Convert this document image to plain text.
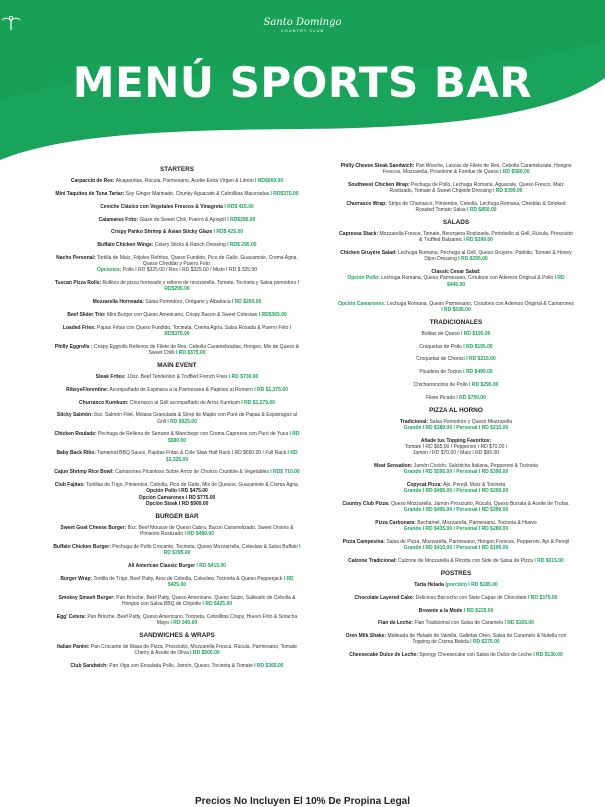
Santo Domingo
COUNTRY CLUB
MENÚ SPORTS BAR
STARTERS
Carpaccio de Res: Alcaparritas, Rúcula, Parmesano, Aceite Extra Virgen & Limón I RD$660.00
Mini Taquitos de Tuna Tartar: Soy Ginger Marinade, Chunky Aguacate & Cebollitas Maceradas I RD$375.00
Ceviche Clásico con Vegetales Frescos & Vinagreta I RD$ 415.00
Calamares Frito: Glaze de Sweet Chili, Puerro & Ajonjolí I RD$295.00
Crispy Panko Shrimp & Asian Sticky Glaze I RD$ 425.00
Buffalo Chicken Wings: Celery Sticks & Ranch Dressing I RD$ 295.00
Nacho Personal: Tortilla de Maíz, Frijoles Refritos, Queso Fundido, Pico de Gallo, Guacamole, Crema Agria, Queso Cheddar y Puerro Frito.
Opciones: Pollo I RD $325.00 / Res I RD $325.00 / Mixto I RD $ 325.00
Tuscan Pizza Rolls: Rollitos de pizza horneado y relleno de mozzarella, Tomate, Tocineta y Salsa pomodoro I RD$295.00
Mozzarella Horneada: Salsa Pomodoro, Orégano y Albahaca I RD $260.00
Beef Slider Trio: Mini Burger con Queso Americano, Crispy Bacon & Sweet Coleslaw I RD$365.00
Loaded Fries: Papas Fritas con Queso Fundido, Tocineta, Crema Agria, Salsa Rosada & Puerro Frito I RD$375.00
Philly Eggrolls : Crispy Eggrolls Rellenos de Filete de Res, Cebolla Caramelizadas, Hongos, Mix de Queso & Sweet Chilli I RD $375.00
MAIN EVENT
Steak Frites: 10oz. Beef Tenderloin & Truffled French Fries I RD $730.00
RibeyeFlorentine: Acompañado de Espinaca a la Parmesana & Papines al Romero I RD $1,375.00
Churrasco Kumkum: Churrasco al Grill acompañado de Arroz Kumkum I RD $1,275.00
Sticky Salmón: 8oz. Salmón Filet, Molasa Granulada & Sirop de Maple con Puré de Papas & Espárragos al Grill I RD $925.00
Chicken Roulade: Pechuga de Rellena de Serrano & Manchego con Crema Capresse con Puré de Yuca I RD $580.00
Baby Back Ribs: Tamarind BBQ Sauce, Papitas Fritas & Cole Slaw Half Rack I RD $650.00 / Full Rack I RD $1,325.00
Cajun Shrimp Rice Bowl: Camarones Picantoso Sobre Arroz de Chorizo Crumble & Vegetables I RD$ 710.00
Club Fajitas: Tortillas de Trigo, Pimientos, Cebolla, Pico de Gallo, Mix de Quesos, Guacamole & Crema Agria.
Opción Pollo I RD $475.00
Opción Camarones I RD $775.00
Opción Steak I RD $900.00
BURGER BAR
Sweet Goat Cheese Burger: 8oz. Beef Mousse de Queso Cabra, Bacon Caramelizado, Sweet Onions & Pimiento Rostizado I RD $490.00
Buffalo Chicken Burger: Pechuga de Pollo Crocante, Tocineta, Queso Mozzarrella, Coleslaw & Salsa Buffalo I RD $395.00
All American Classic Burger I RD $415.00
Burger Wrap: Tortilla de Trigo, Beef Patty, Aros de Cebolla, Coleslaw, Tocineta & Queso Pepperjack I RD $425.00
Smokey Smash Burger: Pan Brioche, Beef Patty, Queso Americano, Queso Suizo, Salteado de Cebolla & Hongos con Salsa BBQ de Chipotle I RD $425.00
Egg' Cetera: Pan Brioche, Beef Patty, Queso Americano, Tocineta, Cebollitas Crispy, Huevo Frito & Sriracha Mayo I RD 340.00
SANDWICHES & WRAPS
Italian Panini: Pan Crocante de Masa de Pizza, Prosciutto, Mozzarella Fresca, Rúcula, Parmesano, Tomate Cherry & Aceite de Oliva I RD $500.00
Club Sandwich: Pan Viga con Ensalada Pollo, Jamón, Queso, Tocineta & Tomate I RD $365.00
Philly Cheese Steak Sandwich: Pan Brioche, Lascas de Filete de Res, Cebolla Caramelizada, Hongos Frescos, Mozzarella, Provolone & Fondue de Queso I RD $580.00
Southwest Chicken Wrap: Pechuga de Pollo, Lechuga Romana, Aguacate, Queso Fresco, Maíz Rostizado, Tomate & Sweet Chipotle Dressing I RD $399.00
Churrasco Wrap: Strips de Churrasco, Pimientos, Cebolla, Lechuga Romana, Cheddar & Smoked Roasted Tomato Salsa I RD $850.00
SALADS
Capressa Stack: Mozzarella Fresca, Tomate, Berenjena Rostizada, Portobello al Grill, Rúcula, Prosciutto & Truffled Balsamic I RD $399.00
Chicken Gruyère Salad: Lechuga Romana, Pechuga al Grill, Queso Gruyère, Palmito, Tomate & Honey Dijon Dressing I RD $295.00
Classic Cesar Salad:
Opción Pollo: Lechuga Romana, Queso Parmesano, Croutons con Aderezo Original & Pollo I RD $445.00

Opción Camarones: Lechuga Romana, Queso Parmesano, Croutons con Aderezo Original & Camarones I RD $595.00
TRADICIONALES
Bolitas de Queso I RD $195.00
Croquetas de Pollo I RD $195.00
Croquetas de Chorizo I RD $215.00
Picadera de Tocino I RD $490.00
Chicharroncitos de Pollo I RD $295.00
Filete Picado I RD $750.00
PIZZA AL HORNO
Tradicional: Salsa Pomodoro y Queso Mozzarella
Grande I RD $380.00 / Personal I RD $210.00
Añade tus Topping Favoritos:
Tomate I RD $65.00 / Pepperoni I RD $70.00 /
Jamón I RD $70.00 / Maíz I RD $95.00
Meat Sensation: Jamón Cocido, Salchicha Italiana, Pepperoni & Tocineta
Grande I RD $595.00 / Personal I RD $390.00
Copycat Pizza: Ajo, Perejil, Maíz & Tocineta
Grande I RD $495.00 / Personal I RD $290.00
Country Club Pizza: Queso Mozzarella, Jamón Prosciutto, Rúcula, Queso Burrata & Aceite de Trufas.
Grande I RD $495.00 / Personal I RD $390.00
Pizza Carbonara: Bechamel, Mozzarella, Parmesano, Tocineta & Huevo
Grande I RD $435.00 / Personal I RD $280.00
Pizza Campesina: Salsa de Pizza, Mozzarella, Parmesano, Hongos Frescos, Pepperoni, Ajo & Perejil
Grande I RD $410.00 / Personal I RD $195.00
Calzone Tradicional: Calzone de Mozzarella & Ricotta con Side de Salsa de Pizza I RD $315.00
POSTRES
Tarta Helada (porción) I RD $185.00
Chocolate Layered Cake: Delicioso Bizcocho con Siete Capas de Chocolate I RD $375.00
Brownie a la Mode I RD $225.00
Flan de Leche: Flan Tradicional con Salsa de Caramelo I RD $165.00
Oreo Milk Shake: Malteada de Helado de Vainilla, Galletas Oreo, Salsa de Caramelo & Nutella con Topping de Crema Batida I RD $275.00
Cheesecake Dulce de Leche: Spongy Cheesecake con Salsa de Dulce de Leche I RD $130.00
Precios No Incluyen El 10% De Propina Legal
